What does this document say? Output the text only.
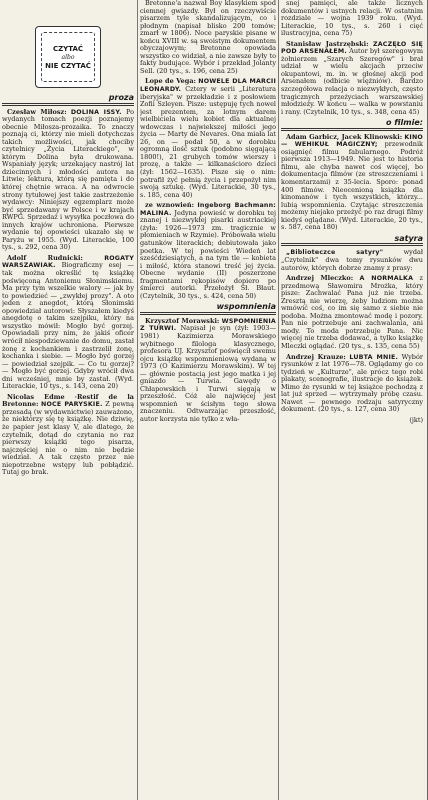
CZYTAĆ
albo
NIE CZYTAĆ
proza

Czesław Miłosz: DOLINA ISSY. Po wydanych tomach poezji poznajemy obecnie Miłosza-prozaika. To znaczy poznają ci, którzy nie mieli dotychczas takich możliwości, jak chociby czytelnicy „Życia Literackiego", w którym Dolina była drukowana. Wspaniały język; urzekający nastrój lat dziecinnych i młodości autora na Litwie; lektura, którą się pamięta i do której chętnie wraca. A na odwrocie strony tytułowej jest takie zastrzeżenie wydawcy: Niniejszy egzemplarz może być sprzedawany w Polsce i w krajach RWPG. Sprzedaż i wysyłka poczłowa do innych krajów uchroniona. Pierwsze wydanie tej opowieści ukazało się w Paryżu w 1955. (Wyd. Literackie, 100 tys., s. 292, cena 30)

Adolf Rudnicki:	ROGATY WARSZAWIAK. Biograficzny esej — tak można określić tę książkę poświęconą Antoniemu Słonimskiemu. Ma przy tym wszelkie walory — jak by to powiedzieć — „zwykłej prozy". A oto jeden z anegdot, którą Słonimski opowiedział autorowi: Słyszałem kiedyś anegdotę o takim szejpiku, który na wszystko mówił: Mogło być gorzej. Opowiadali przy nim, że jakiś oficer wrócił niespodziewanie do domu, zastał żonę z kochankiem i zastrzelił żonę, kochanka i siebie. — Mogło być gorzej — powiedział szejpik. — Co tu gorzej? — Mogło być gorzej. Gdyby wrócił dwa dni wcześniej, mnie by zastał. (Wyd. Literackie, 10 tys., s. 143, cena 20)

Nicolas Edme ·Restif de la Bretonne: NOCE PARYSKIE. Z pewną przesadą (w wydawnictwie) zauważono, że niektórzy się tę książkę. Nie dziwię, że papier jest klasy V, ale dlatego, że czytelnik, dotąd do czytania no raz pierwszy książki tego pisarza, najczęściej nie o nim nie będzie wiedział. A tak często przez nie niepotrzebne wstępy lub pobłądzić. Tutaj go brak.

Bretonne'a nazwał Boy klasykiem spod ciemnej gwiazdy. Był on rzeczywiście pisarzem tyle skandalizującym, co i płodnym (napisał blisko 200 tomów; zmarł w 1806). Noce paryskie pisane w końcu XVIII w. są swoistym dokumentem obyczajowym; Bretonne opowiada wszystko co widział, a nie zawsze były to fakty budujące. Wybór i przekład Jolanty Sell. (20 tys., s. 196, cena 25)

Lope de Vega: NOWELE DLA MARCII LEONARDY. Cztery w serii „Literatura iberyjska" w przekładzie i z posłowiem Zofii Szleyen. Pisze: ustępuję tych nowel jest prezentem, za lotnym darem wielbiciela wielu kobiet dla aktualnej wdowczas i najwiekszej miłości jego życia — Marty de Nevares. Ona miała lat 26, on — podał 50, a w dorobku ogromną ilość sztuk (podobno sięgającą 1800!), 21 grubych tomów wierszy i prozę, a także — kilkanaściorо dzieci (żył: 1562—1635). Pisze się o nim: potrafił żyć pełnią życia i przepożył nim swoją sztukę. (Wyd. Literackie, 30 tys., s. 185, cena 40)

ze wznowień: Ingeborg Bachmann: MALINA. Jedyna powieść w dorobku tej znanej i niezwykłej pisarki austriackiej (żyła: 1926—1973 zm. tragicznie w płomieniach w Rzymie). Próbowała wielu gatunków literackich; debiutowała jako poetka. W tej powieści Wiedeń lat sześćdziesiątych, a na tym tle — kobieta i miłość, która stanowi treść jej życia. Obecne wydanie (II) poszerzone fragmentami rękopisów dopiero po śmierci autorki. Przełożył Sł. Błaut. (Czytelnik, 30 tys., s. 424, cena 50)

wspomnienia

Krzysztof Morawski: WSPOMNIENIA Z TURWI. Napisał je syn (żył: 1903—1981) Kazimierza Morawskiego wybitnego filologa klasycznego, profesora UJ. Krzysztof poświęcił swemu ojcu książkę wspomnieniową wydaną w 1973 (O Kazimierzu Morawskim). W tej — głównie postacią jest jego matka i jej gniazdo — Turwia. Gawędy o Chłapowskich i Turwi sięgają w przeszłość. Cóż ale najwięcej jest wspomnień w ścisłym tego słowa znaczeniu. Odtwarzając przeszłość, autor korzysta nie tylko z wła-

snej pamięci, ale także licznych dokumentów i ustnych relacji. W ostatnim rozdziale — wojna 1939 roku. (Wyd. Literackie, 10 tys., s. 260 i cięć ilustracyjna, cena 75)

Stanisław Jastrzębski: ZACZĘŁO SIĘ POD ARSENAŁEM. Autor był szeregowym żołnierzem „Szarych Szeregów" i brał udział w wielu akcjach przeciw okupantowi, m. in. w głośnej akcji pod Arsenałem (odbicie więźniów). Bardzo szczegółowa relacja o niezwykłych, często tragicznych przeżyciach warszawskiej młodzieży. W końcu — walka w powstaniu i rany. (Czytelnik, 10 tys., s. 348, cena 45)

o filmie:

Adam Garbicz, Jacek Klinowski: KINO — WEHIKUŁ MAGICZNY; przewodnik osiągnięć filmu fabularnego. Podróż pierwsza 1913—1949. Nie jest to historia filmu, ale chyba nawet coś więcej, bo dokumentacja filmów (ze streszczeniami i komentarzami) z 35-lecia. Sporo: ponad 400 filmów. Nieocenioną książka dla kinomanów i tych wszystkich, którzy... lubią wspomnienia. Czytając streszczenia możemy niejako przeżyć po raz drugi filmy kiedyś oglądane. (Wyd. Literackie, 20 tys., s. 587, cena 180)

satyra

„Biblioteczce satyry"	wydał „Czytelnik" dwa tomy rysunków dwu autorów, których dobrze znamy z prasy:

Andrzej Mleczko: A NORMALKA z przedmową Sławomira Mrożka, który pisze: Zachwalać Pana już nie trzeba. Zresztą nie wierzę, żeby ludziom można wmówić coś, co im się samo z siebie nie podoba. Można zmontować modę i pozory. Pan nie potrzebuje ani zachwalania, ani mody. To moda potrzebuje Pana. Nic więcej nie trzeba dodawać, a tylko książkę Mleczki oglądać. (20 tys., s. 135, cena 55)

Andrzej Krauze: LUBTA MNIE. Wybór rysunków z lat 1976—78. Oglądamy go co tydzień w „Kulturze", ale prócz tego robi plakaty, scenografie, ilustracje do książek. Mimo że rysunki w tej książce pochodzą z lat już sprzed — wytrzymały próbę czasu. Nawet — pewnego rodzaju satyryczny dokument. (20 tys., s. 127, cena 30)

(jkt)
